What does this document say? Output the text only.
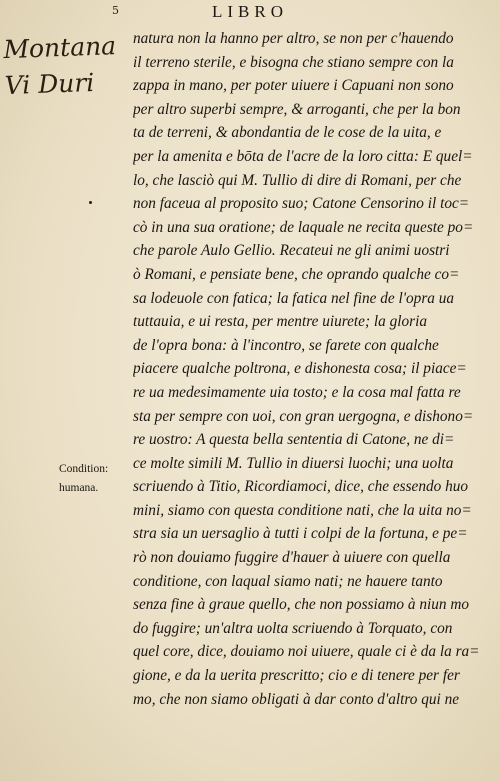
5	LIBRO
Montana
Vi Duri
Condition:
humana.
natura non la hanno per altro, se non per c'hauendo
il terreno sterile, e bisogna che stiano sempre con la
zappa in mano, per poter uiuere i Capuani non sono
per altro superbi sempre, & arroganti, che per la bon
ta de terreni, & abondantia de le cose de la uita, e
per la amenita e bōta de l'acre de la loro citta: E quel=
lo, che lasciò qui M. Tullio di dire di Romani, per che
non faceua al proposito suo; Catone Censorino il toc=
cò in una sua oratione; de laquale ne recita queste po=
che parole Aulo Gellio. Recateui ne gli animi uostri
ò Romani, e pensiate bene, che oprando qualche co=
sa lodeuole con fatica; la fatica nel fine de l'opra ua
tuttauia, e ui resta, per mentre uiurete; la gloria
de l'opra bona: à l'incontro, se farete con qualche
piacere qualche poltrona, e dishonesta cosa; il piace=
re ua medesimamente uia tosto; e la cosa mal fatta re
sta per sempre con uoi, con gran uergogna, e dishono=
re uostro: A questa bella sententia di Catone, ne di=
ce molte simili M. Tullio in diuersi luochi; una uolta
scriuendo à Titio, Ricordiamoci, dice, che essendo huo
mini, siamo con questa conditione nati, che la uita no=
stra sia un uersaglio à tutti i colpi de la fortuna, e pe=
rò non douiamo fuggire d'hauer à uiuere con quella
conditione, con laqual siamo nati; ne hauere tanto
senza fine à graue quello, che non possiamo à niun mo
do fuggire; un'altra uolta scriuendo à Torquato, con
quel core, dice, douiamo noi uiuere, quale ci è da la ra=
gione, e da la uerita prescritto; cio e di tenere per fer
mo, che non siamo obligati à dar conto d'altro qui ne
